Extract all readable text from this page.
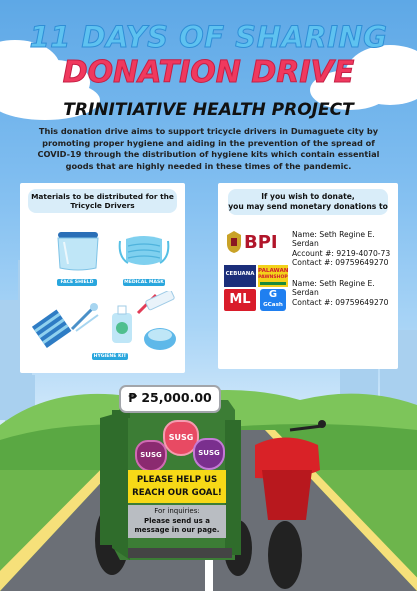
11 DAYS OF SHARING
DONATION DRIVE
TRINITIATIVE HEALTH PROJECT
This donation drive aims to support tricycle drivers in Dumaguete city by promoting proper hygiene and aiding in the prevention of the spread of COVID-19 through the distribution of hygiene kits which contain essential goods that are highly needed in these times of the pandemic.
Materials to be distributed for the Tricycle Drivers
FACE SHIELD	MEDICAL MASK
HYGIENE KIT
If you wish to donate,
you may send monetary donations to
BPI Name: Seth Regine E. Serdan
Account #: 9219-4070-73
Contact #: 09759649270
CEBUANA PALAWAN
PAWNSHOP
ML	G
GCash
Name: Seth Regine E. Serdan
Contact #: 09759649270
₱ 25,000.00
SUSG
SUSG
SUSG
PLEASE HELP US
REACH OUR GOAL!
For inquiries:
Please send us a
message in our page.
